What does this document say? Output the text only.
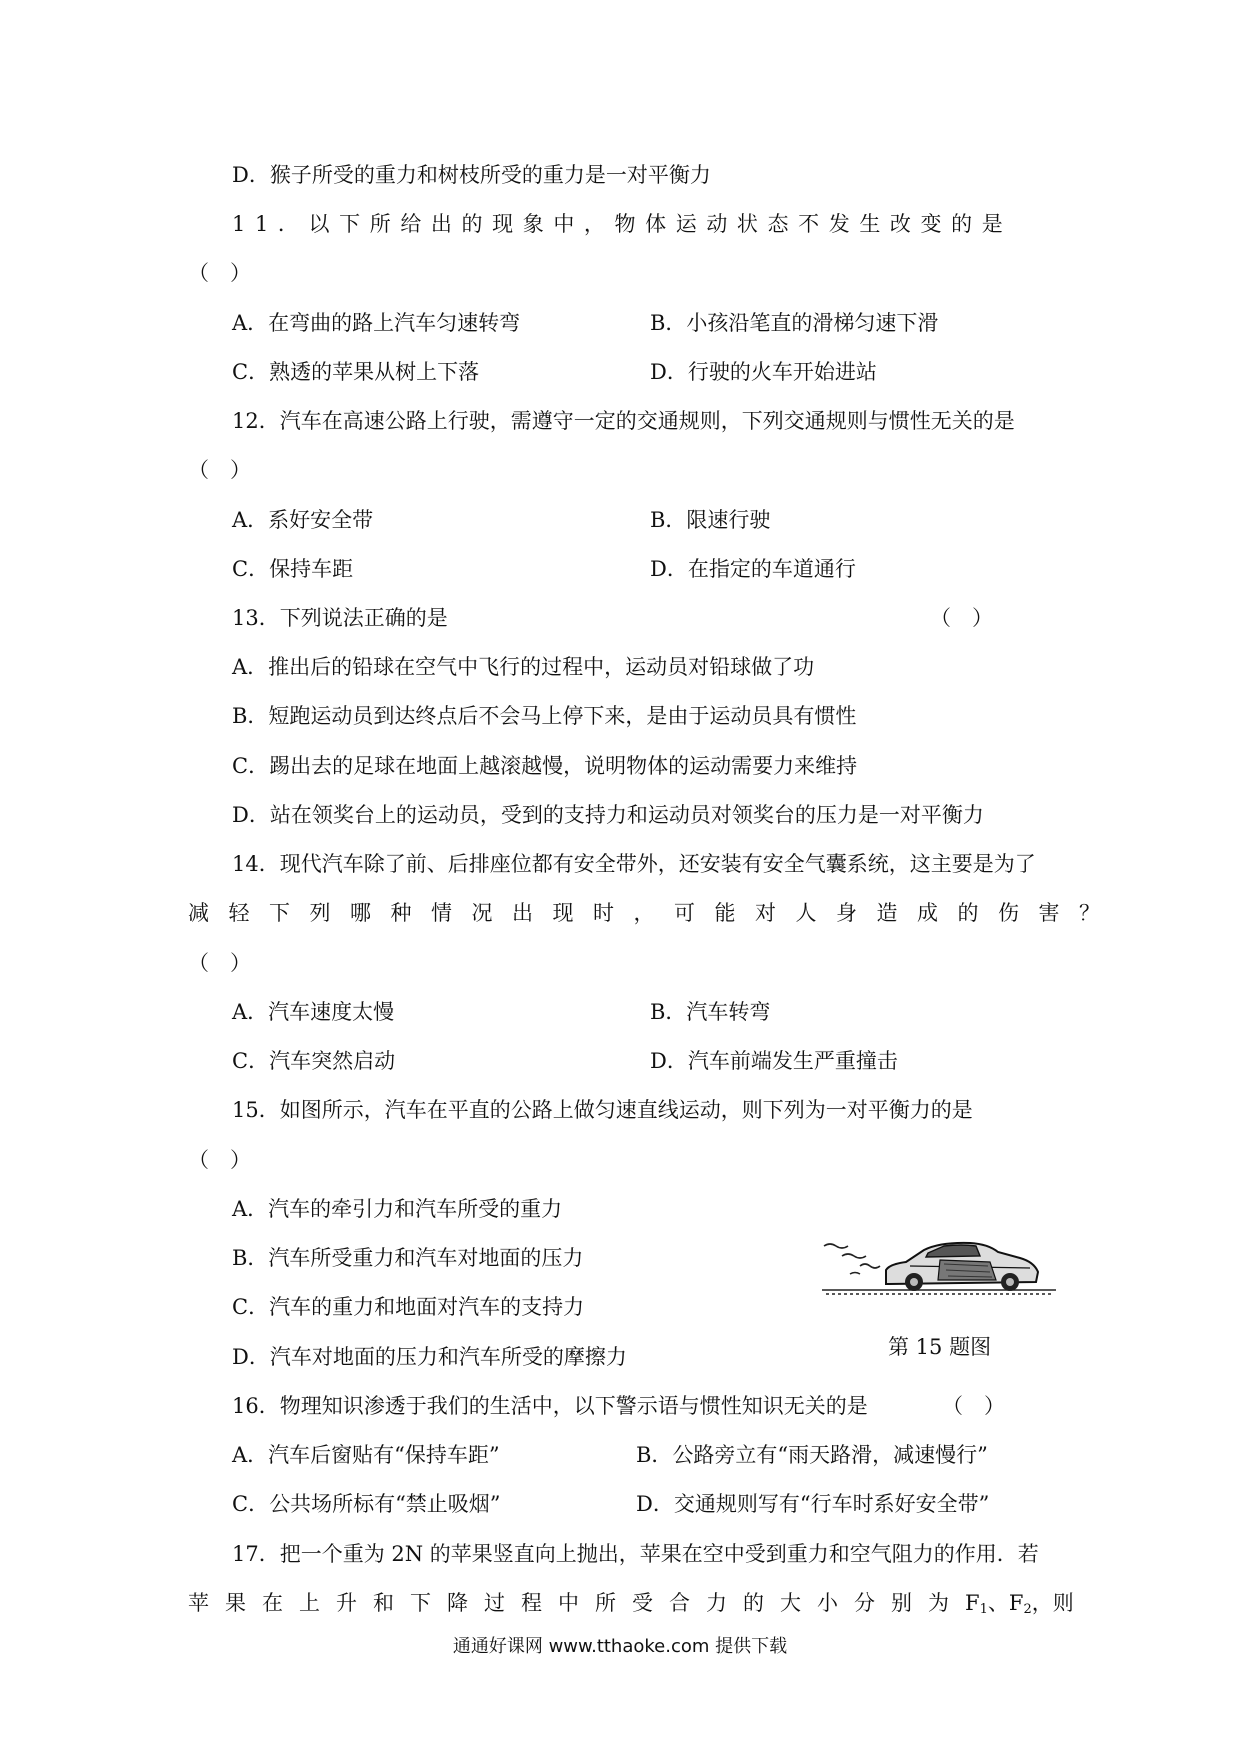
D．猴子所受的重力和树枝所受的重力是一对平衡力
11．以下所给出的现象中，物体运动状态不发生改变的是
（　）
A．在弯曲的路上汽车匀速转弯	B．小孩沿笔直的滑梯匀速下滑
C．熟透的苹果从树上下落	D．行驶的火车开始进站
12．汽车在高速公路上行驶，需遵守一定的交通规则，下列交通规则与惯性无关的是
（　）
A．系好安全带	B．限速行驶
C．保持车距	D．在指定的车道通行
13．下列说法正确的是	（　）
A．推出后的铅球在空气中飞行的过程中，运动员对铅球做了功
B．短跑运动员到达终点后不会马上停下来，是由于运动员具有惯性
C．踢出去的足球在地面上越滚越慢，说明物体的运动需要力来维持
D．站在领奖台上的运动员，受到的支持力和运动员对领奖台的压力是一对平衡力
14．现代汽车除了前、后排座位都有安全带外，还安装有安全气囊系统，这主要是为了
减轻下列哪种情况出现时，可能对人身造成的伤害？
（　）
A．汽车速度太慢	B．汽车转弯
C．汽车突然启动	D．汽车前端发生严重撞击
15．如图所示，汽车在平直的公路上做匀速直线运动，则下列为一对平衡力的是
（　）
A．汽车的牵引力和汽车所受的重力
B．汽车所受重力和汽车对地面的压力
C．汽车的重力和地面对汽车的支持力
D．汽车对地面的压力和汽车所受的摩擦力	第 15 题图
16．物理知识渗透于我们的生活中，以下警示语与惯性知识无关的是	（　）
A．汽车后窗贴有“保持车距”	B．公路旁立有“雨天路滑，减速慢行”
C．公共场所标有“禁止吸烟”	D．交通规则写有“行车时系好安全带”
17．把一个重为 2N 的苹果竖直向上抛出，苹果在空中受到重力和空气阻力的作用．若
苹果在上升和下降过程中所受合力的大小分别为 $F_1$ 、 $F_2$ ，则
通通好课网 www.tthaoke.com 提供下载
